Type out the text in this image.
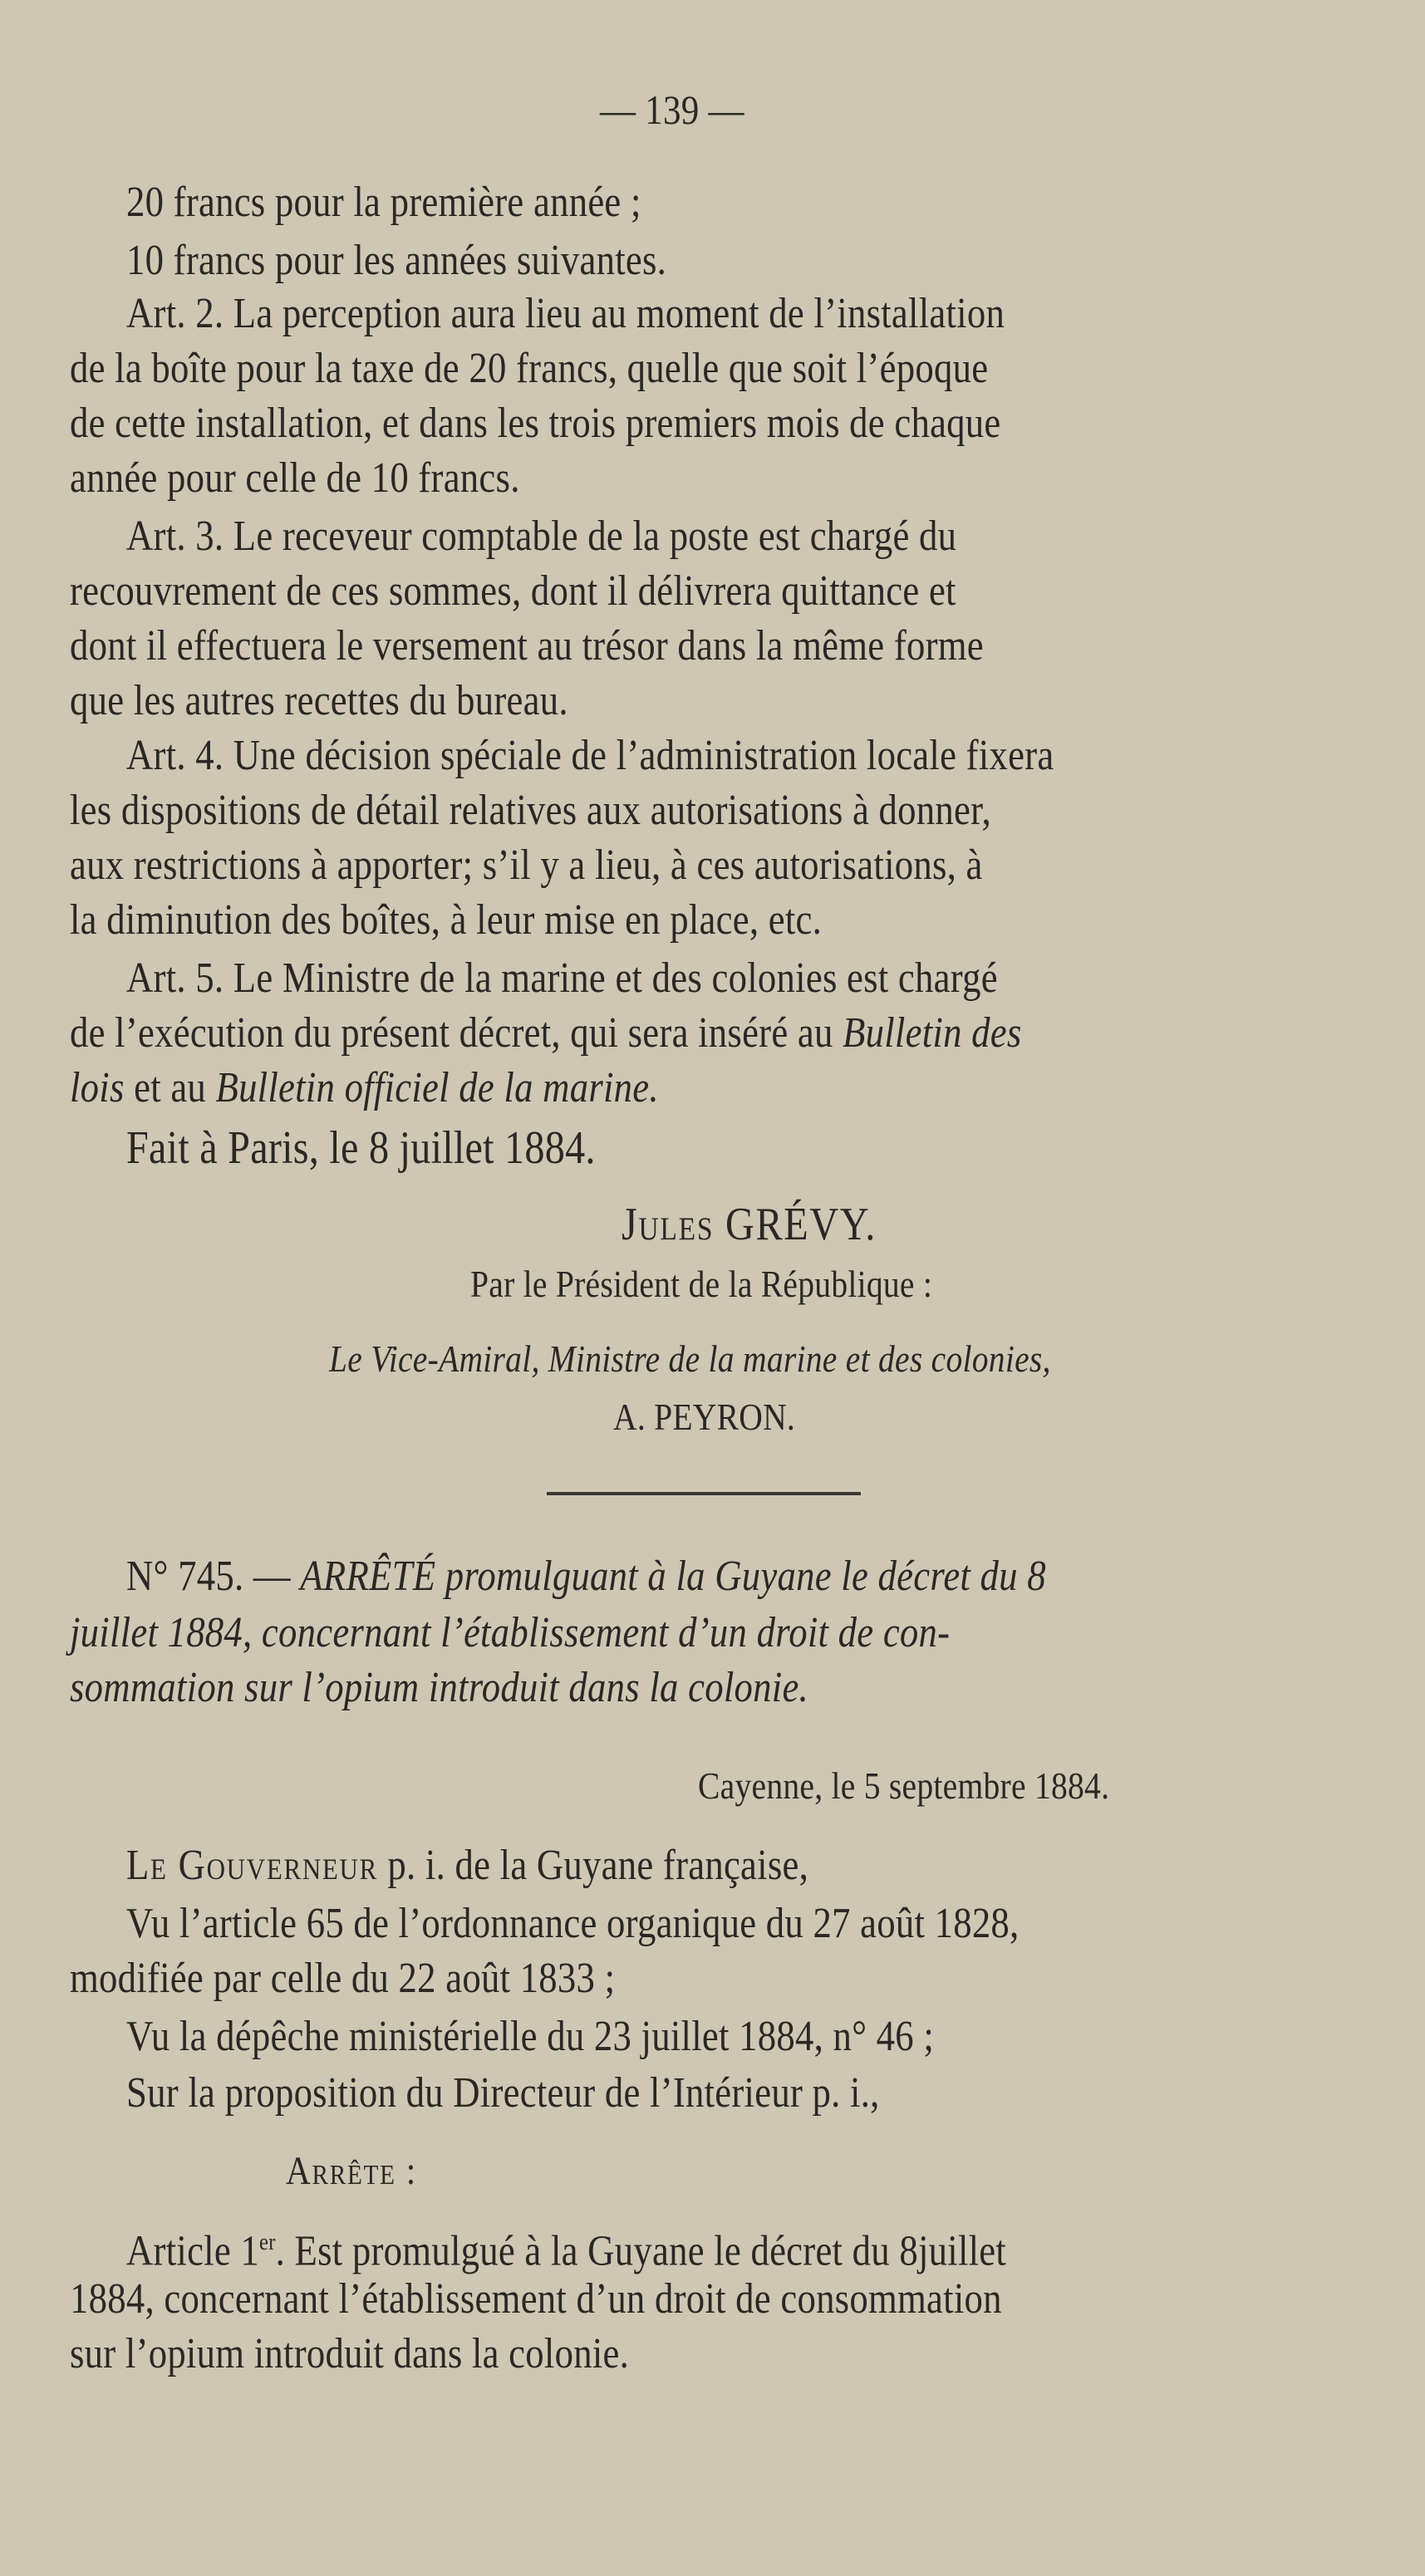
— 139 —
20 francs pour la première année ;
10 francs pour les années suivantes.
Art. 2. La perception aura lieu au moment de l’installation
de la boîte pour la taxe de 20 francs, quelle que soit l’époque
de cette installation, et dans les trois premiers mois de chaque
année pour celle de 10 francs.
Art. 3. Le receveur comptable de la poste est chargé du
recouvrement de ces sommes, dont il délivrera quittance et
dont il effectuera le versement au trésor dans la même forme
que les autres recettes du bureau.
Art. 4. Une décision spéciale de l’administration locale fixera
les dispositions de détail relatives aux autorisations à donner,
aux restrictions à apporter; s’il y a lieu, à ces autorisations, à
la diminution des boîtes, à leur mise en place, etc.
Art. 5. Le Ministre de la marine et des colonies est chargé
de l’exécution du présent décret, qui sera inséré au Bulletin des
lois et au Bulletin officiel de la marine.
Fait à Paris, le 8 juillet 1884.
Jules GRÉVY.
Par le Président de la République :
Le Vice-Amiral, Ministre de la marine et des colonies,
A. PEYRON.
N° 745. — ARRÊTÉ promulguant à la Guyane le décret du 8
juillet 1884, concernant l’établissement d’un droit de con-
sommation sur l’opium introduit dans la colonie.
Cayenne, le 5 septembre 1884.
Le Gouverneur p. i. de la Guyane française,
Vu l’article 65 de l’ordonnance organique du 27 août 1828,
modifiée par celle du 22 août 1833 ;
Vu la dépêche ministérielle du 23 juillet 1884, n° 46 ;
Sur la proposition du Directeur de l’Intérieur p. i.,
Arrête :
Article 1er. Est promulgué à la Guyane le décret du 8juillet
1884, concernant l’établissement d’un droit de consommation
sur l’opium introduit dans la colonie.
